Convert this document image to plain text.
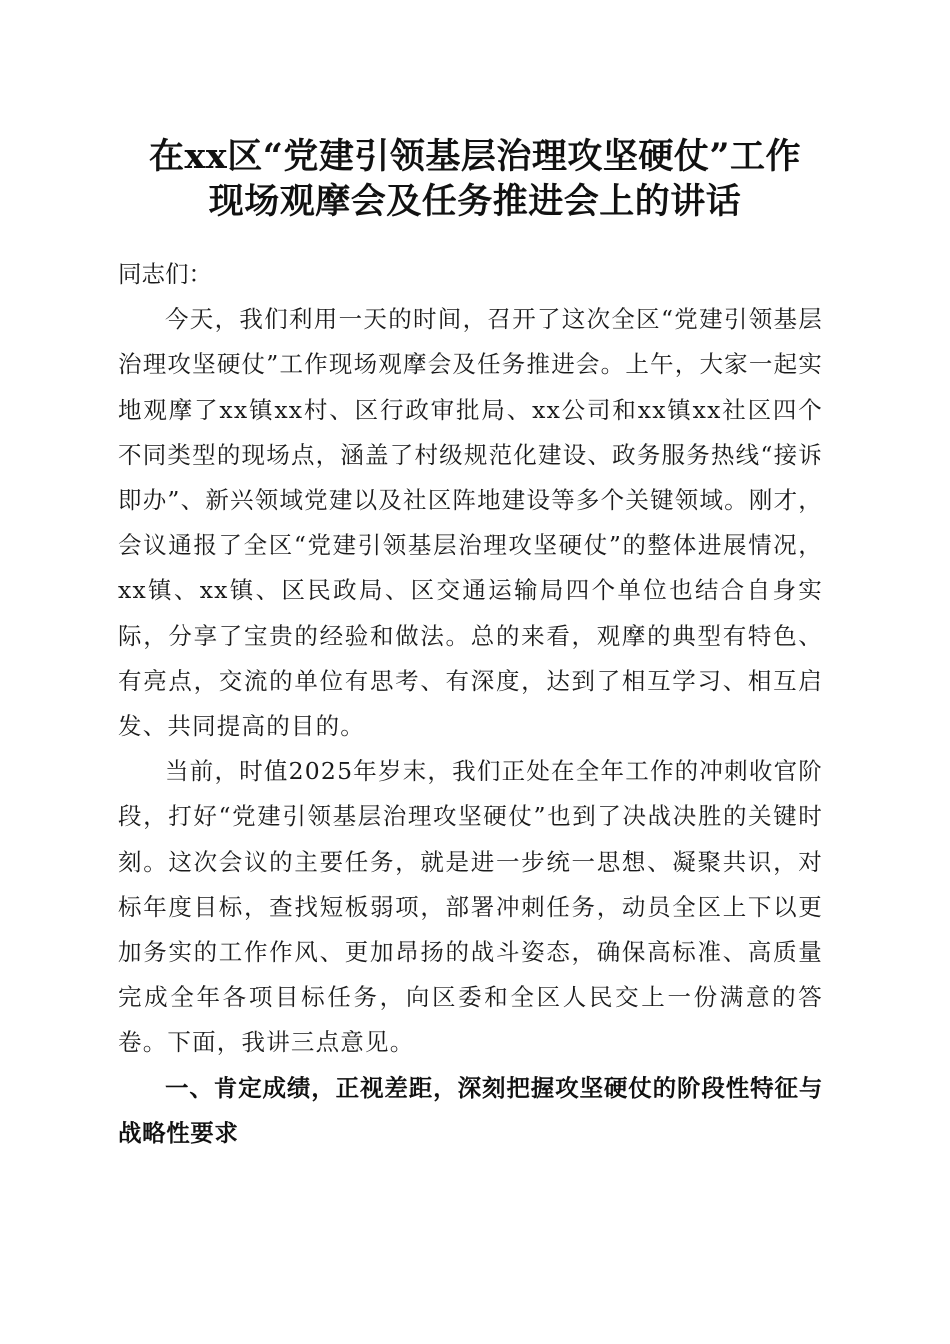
在xx区“党建引领基层治理攻坚硬仗”工作
现场观摩会及任务推进会上的讲话

同志们：

今天，我们利用一天的时间，召开了这次全区“党建引领基层治理攻坚硬仗”工作现场观摩会及任务推进会。上午，大家一起实地观摩了xx镇xx村、区行政审批局、xx公司和xx镇xx社区四个不同类型的现场点，涵盖了村级规范化建设、政务服务热线“接诉即办”、新兴领域党建以及社区阵地建设等多个关键领域。刚才，会议通报了全区“党建引领基层治理攻坚硬仗”的整体进展情况，xx镇、xx镇、区民政局、区交通运输局四个单位也结合自身实际，分享了宝贵的经验和做法。总的来看，观摩的典型有特色、有亮点，交流的单位有思考、有深度，达到了相互学习、相互启发、共同提高的目的。

当前，时值2025年岁末，我们正处在全年工作的冲刺收官阶段，打好“党建引领基层治理攻坚硬仗”也到了决战决胜的关键时刻。这次会议的主要任务，就是进一步统一思想、凝聚共识，对标年度目标，查找短板弱项，部署冲刺任务，动员全区上下以更加务实的工作作风、更加昂扬的战斗姿态，确保高标准、高质量完成全年各项目标任务，向区委和全区人民交上一份满意的答卷。下面，我讲三点意见。

一、肯定成绩，正视差距，深刻把握攻坚硬仗的阶段性特征与战略性要求
